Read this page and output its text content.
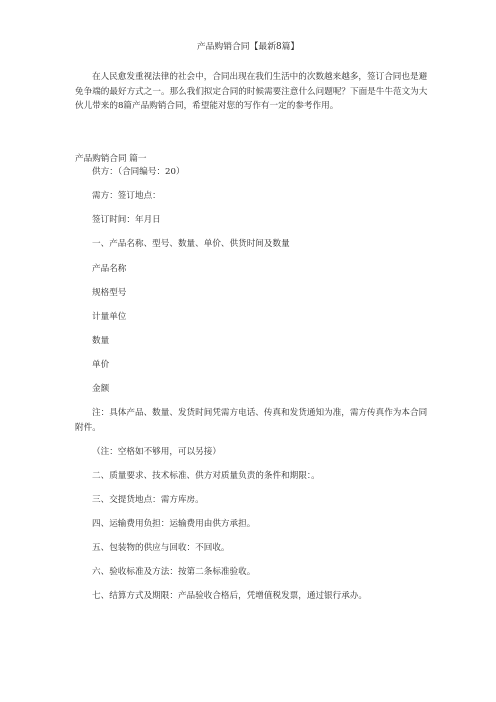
产品购销合同【最新8篇】
在人民愈发重视法律的社会中，合同出现在我们生活中的次数越来越多，签订合同也是避免争端的最好方式之一。那么我们拟定合同的时候需要注意什么问题呢？下面是牛牛范文为大伙儿带来的8篇产品购销合同，希望能对您的写作有一定的参考作用。
产品购销合同 篇一
供方：（合同编号：20）
需方：签订地点：
签订时间：年月日
一、产品名称、型号、数量、单价、供货时间及数量
产品名称
规格型号
计量单位
数量
单价
金额
注：具体产品、数量、发货时间凭需方电话、传真和发货通知为准，需方传真作为本合同附件。
（注：空格如不够用，可以另接）
二、质量要求、技术标准、供方对质量负责的条件和期限：。
三、交提货地点：需方库房。
四、运输费用负担：运输费用由供方承担。
五、包装物的供应与回收：不回收。
六、验收标准及方法：按第二条标准验收。
七、结算方式及期限：产品验收合格后，凭增值税发票，通过银行承办。
